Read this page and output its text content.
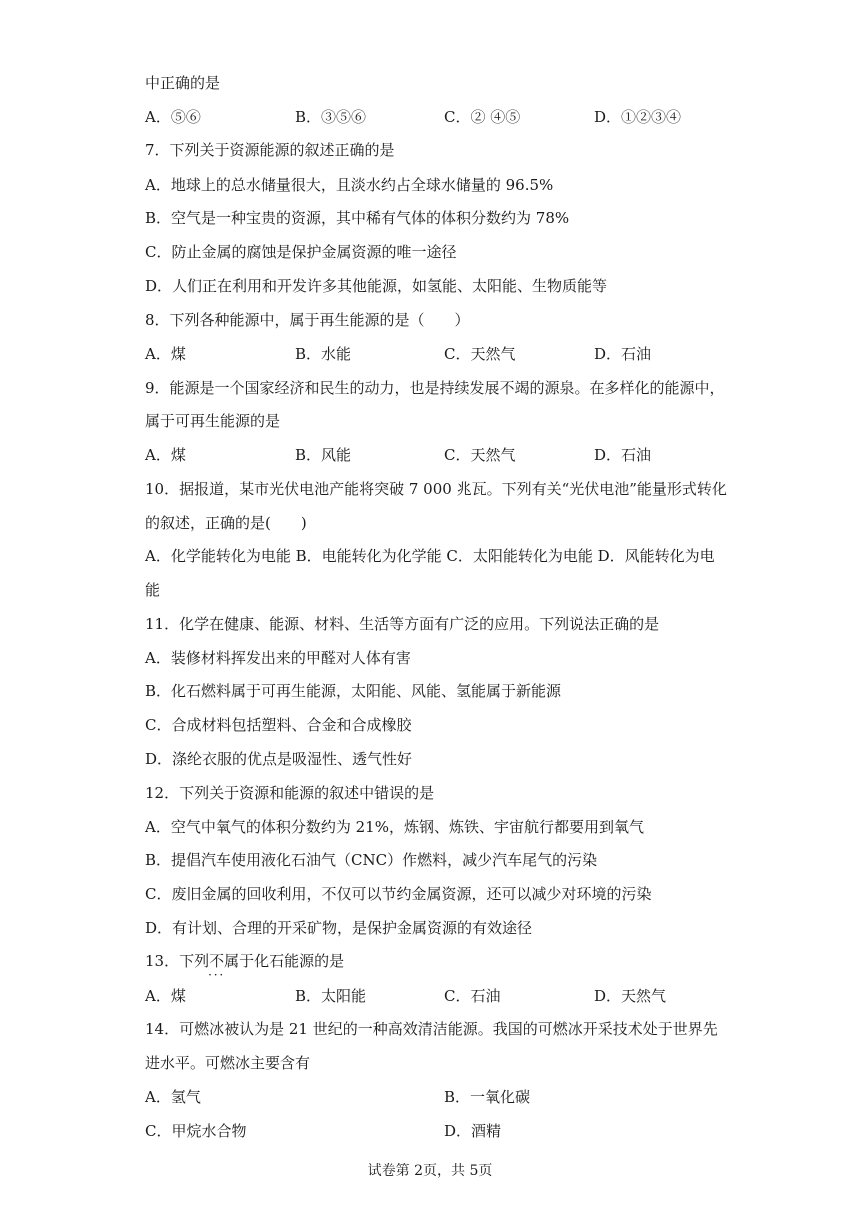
中正确的是
A．⑤⑥	B．③⑤⑥	C．② ④⑤	D．①②③④
7．下列关于资源能源的叙述正确的是
A．地球上的总水储量很大，且淡水约占全球水储量的 96.5%
B．空气是一种宝贵的资源，其中稀有气体的体积分数约为 78%
C．防止金属的腐蚀是保护金属资源的唯一途径
D．人们正在利用和开发许多其他能源，如氢能、太阳能、生物质能等
8．下列各种能源中，属于再生能源的是（　　）
A．煤	B．水能	C．天然气	D．石油
9．能源是一个国家经济和民生的动力，也是持续发展不竭的源泉。在多样化的能源中，
属于可再生能源的是
A．煤	B．风能	C．天然气	D．石油
10．据报道，某市光伏电池产能将突破 7 000 兆瓦。下列有关“光伏电池”能量形式转化
的叙述，正确的是(　　)
A．化学能转化为电能 B．电能转化为化学能 C．太阳能转化为电能 D．风能转化为电
能
11．化学在健康、能源、材料、生活等方面有广泛的应用。下列说法正确的是
A．装修材料挥发出来的甲醛对人体有害
B．化石燃料属于可再生能源，太阳能、风能、氢能属于新能源
C．合成材料包括塑料、合金和合成橡胶
D．涤纶衣服的优点是吸湿性、透气性好
12．下列关于资源和能源的叙述中错误的是
A．空气中氧气的体积分数约为 21%，炼钢、炼铁、宇宙航行都要用到氧气
B．提倡汽车使用液化石油气（CNC）作燃料，减少汽车尾气的污染
C．废旧金属的回收利用，不仅可以节约金属资源，还可以减少对环境的污染
D．有计划、合理的开采矿物，是保护金属资源的有效途径
13．下列不属于 · · ·化石能源的是
A．煤	B．太阳能	C．石油	D．天然气
14．可燃冰被认为是 21 世纪的一种高效清洁能源。我国的可燃冰开采技术处于世界先
进水平。可燃冰主要含有
A．氢气	B．一氧化碳
C．甲烷水合物	D．酒精
试卷第 2页，共 5页
